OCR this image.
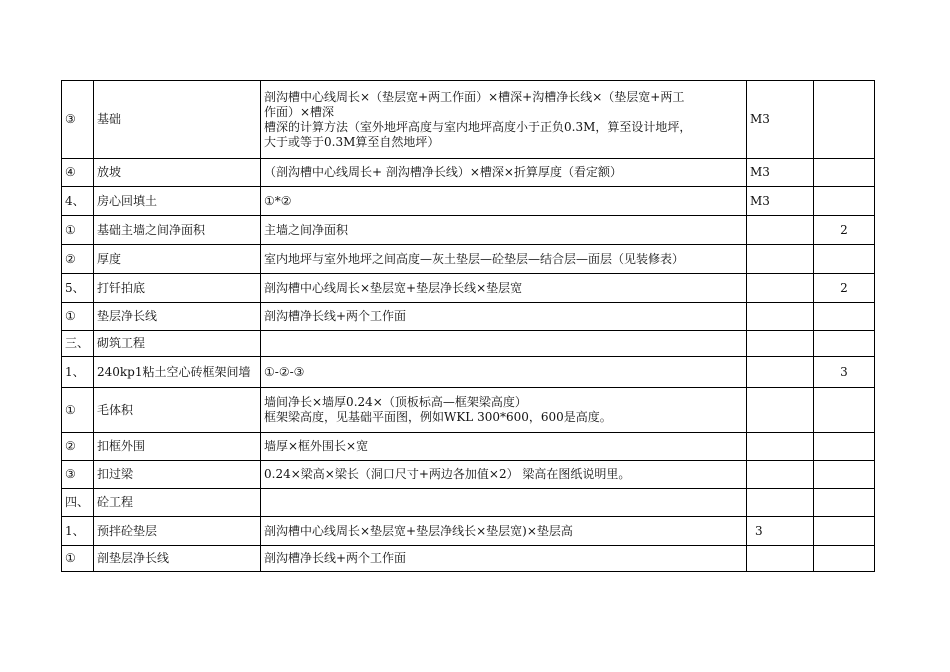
③	基础	剖沟槽中心线周长×（垫层宽+两工作面）×槽深+沟槽净长线×（垫层宽+两工
作面）×槽深
槽深的计算方法（室外地坪高度与室内地坪高度小于正负0.3M，算至设计地坪，
大于或等于0.3M算至自然地坪）	M3	
④	放坡	（剖沟槽中心线周长+ 剖沟槽净长线）×槽深×折算厚度（看定额）	M3	
4、	房心回填土	①*②	M3	
①	基础主墙之间净面积	主墙之间净面积		2
②	厚度	室内地坪与室外地坪之间高度—灰土垫层—砼垫层—结合层—面层（见装修表）		
5、	打钎拍底	剖沟槽中心线周长×垫层宽+垫层净长线×垫层宽		2
①	垫层净长线	剖沟槽净长线+两个工作面		
三、	砌筑工程			
1、	240kp1粘土空心砖框架间墙	①-②-③		3
①	毛体积	墙间净长×墙厚0.24×（顶板标高—框架梁高度）
框架梁高度，见基础平面图，例如WKL 300*600，600是高度。		

②	扣框外围	墙厚×框外围长×宽		
③	扣过梁	0.24×梁高×梁长（洞口尺寸+两边各加值×2） 梁高在图纸说明里。		
四、	砼工程			
1、	预拌砼垫层	剖沟槽中心线周长×垫层宽+垫层净线长×垫层宽)×垫层高	3	
①	剖垫层净长线	剖沟槽净长线+两个工作面		
